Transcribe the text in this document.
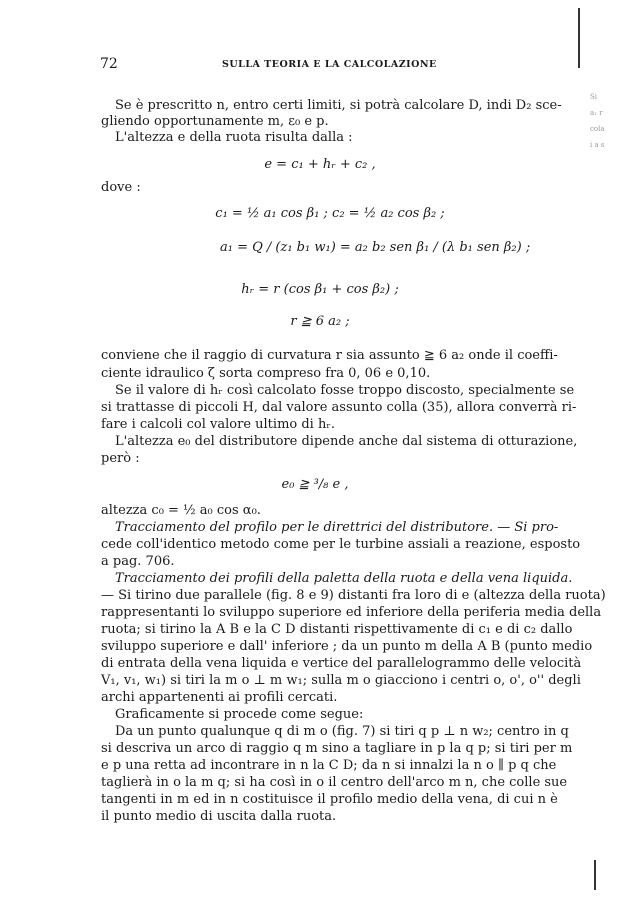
72	SULLA TEORIA E LA CALCOLAZIONE
Se è prescritto n, entro certi limiti, si potrà calcolare D, indi D₂ sce-
gliendo opportunamente m, ε₀ e p.
L'altezza e della ruota risulta dalla :
e = c₁ + hᵣ + c₂ ,
dove :
c₁ = ½ a₁ cos β₁ ; c₂ = ½ a₂ cos β₂ ;
a₁ = Q / (z₁ b₁ w₁) = a₂ b₂ sen β₁ / (λ b₁ sen β₂) ;
hᵣ = r (cos β₁ + cos β₂) ;
r ≧ 6 a₂ ;
conviene che il raggio di curvatura r sia assunto ≧ 6 a₂ onde il coeffi-
ciente idraulico ζ sorta compreso fra 0, 06 e 0,10.
Se il valore di hᵣ così calcolato fosse troppo discosto, specialmente se
si trattasse di piccoli H, dal valore assunto colla (35), allora converrà ri-
fare i calcoli col valore ultimo di hᵣ.
L'altezza e₀ del distributore dipende anche dal sistema di otturazione,
però :
e₀ ≧ ³/₈ e ,
altezza c₀ = ½ a₀ cos α₀.
Tracciamento del profilo per le direttrici del distributore. — Si pro-
cede coll'identico metodo come per le turbine assiali a reazione, esposto
a pag. 706.
Tracciamento dei profili della paletta della ruota e della vena liquida.
— Si tirino due parallele (fig. 8 e 9) distanti fra loro di e (altezza della ruota)
rappresentanti lo sviluppo superiore ed inferiore della periferia media della
ruota; si tirino la A B e la C D distanti rispettivamente di c₁ e di c₂ dallo
sviluppo superiore e dall' inferiore ; da un punto m della A B (punto medio
di entrata della vena liquida e vertice del parallelogrammo delle velocità
V₁, v₁, w₁) si tiri la m o ⊥ m w₁; sulla m o giacciono i centri o, o', o'' degli
archi appartenenti ai profili cercati.
Graficamente si procede come segue:
Da un punto qualunque q di m o (fig. 7) si tiri q p ⊥ n w₂; centro in q
si descriva un arco di raggio q m sino a tagliare in p la q p; si tiri per m
e p una retta ad incontrare in n la C D; da n si innalzi la n o ∥ p q che
taglierà in o la m q; si ha così in o il centro dell'arco m n, che colle sue
tangenti in m ed in n costituisce il profilo medio della vena, di cui n è
il punto medio di uscita dalla ruota.
Si
a₁ r
cola
i a s
